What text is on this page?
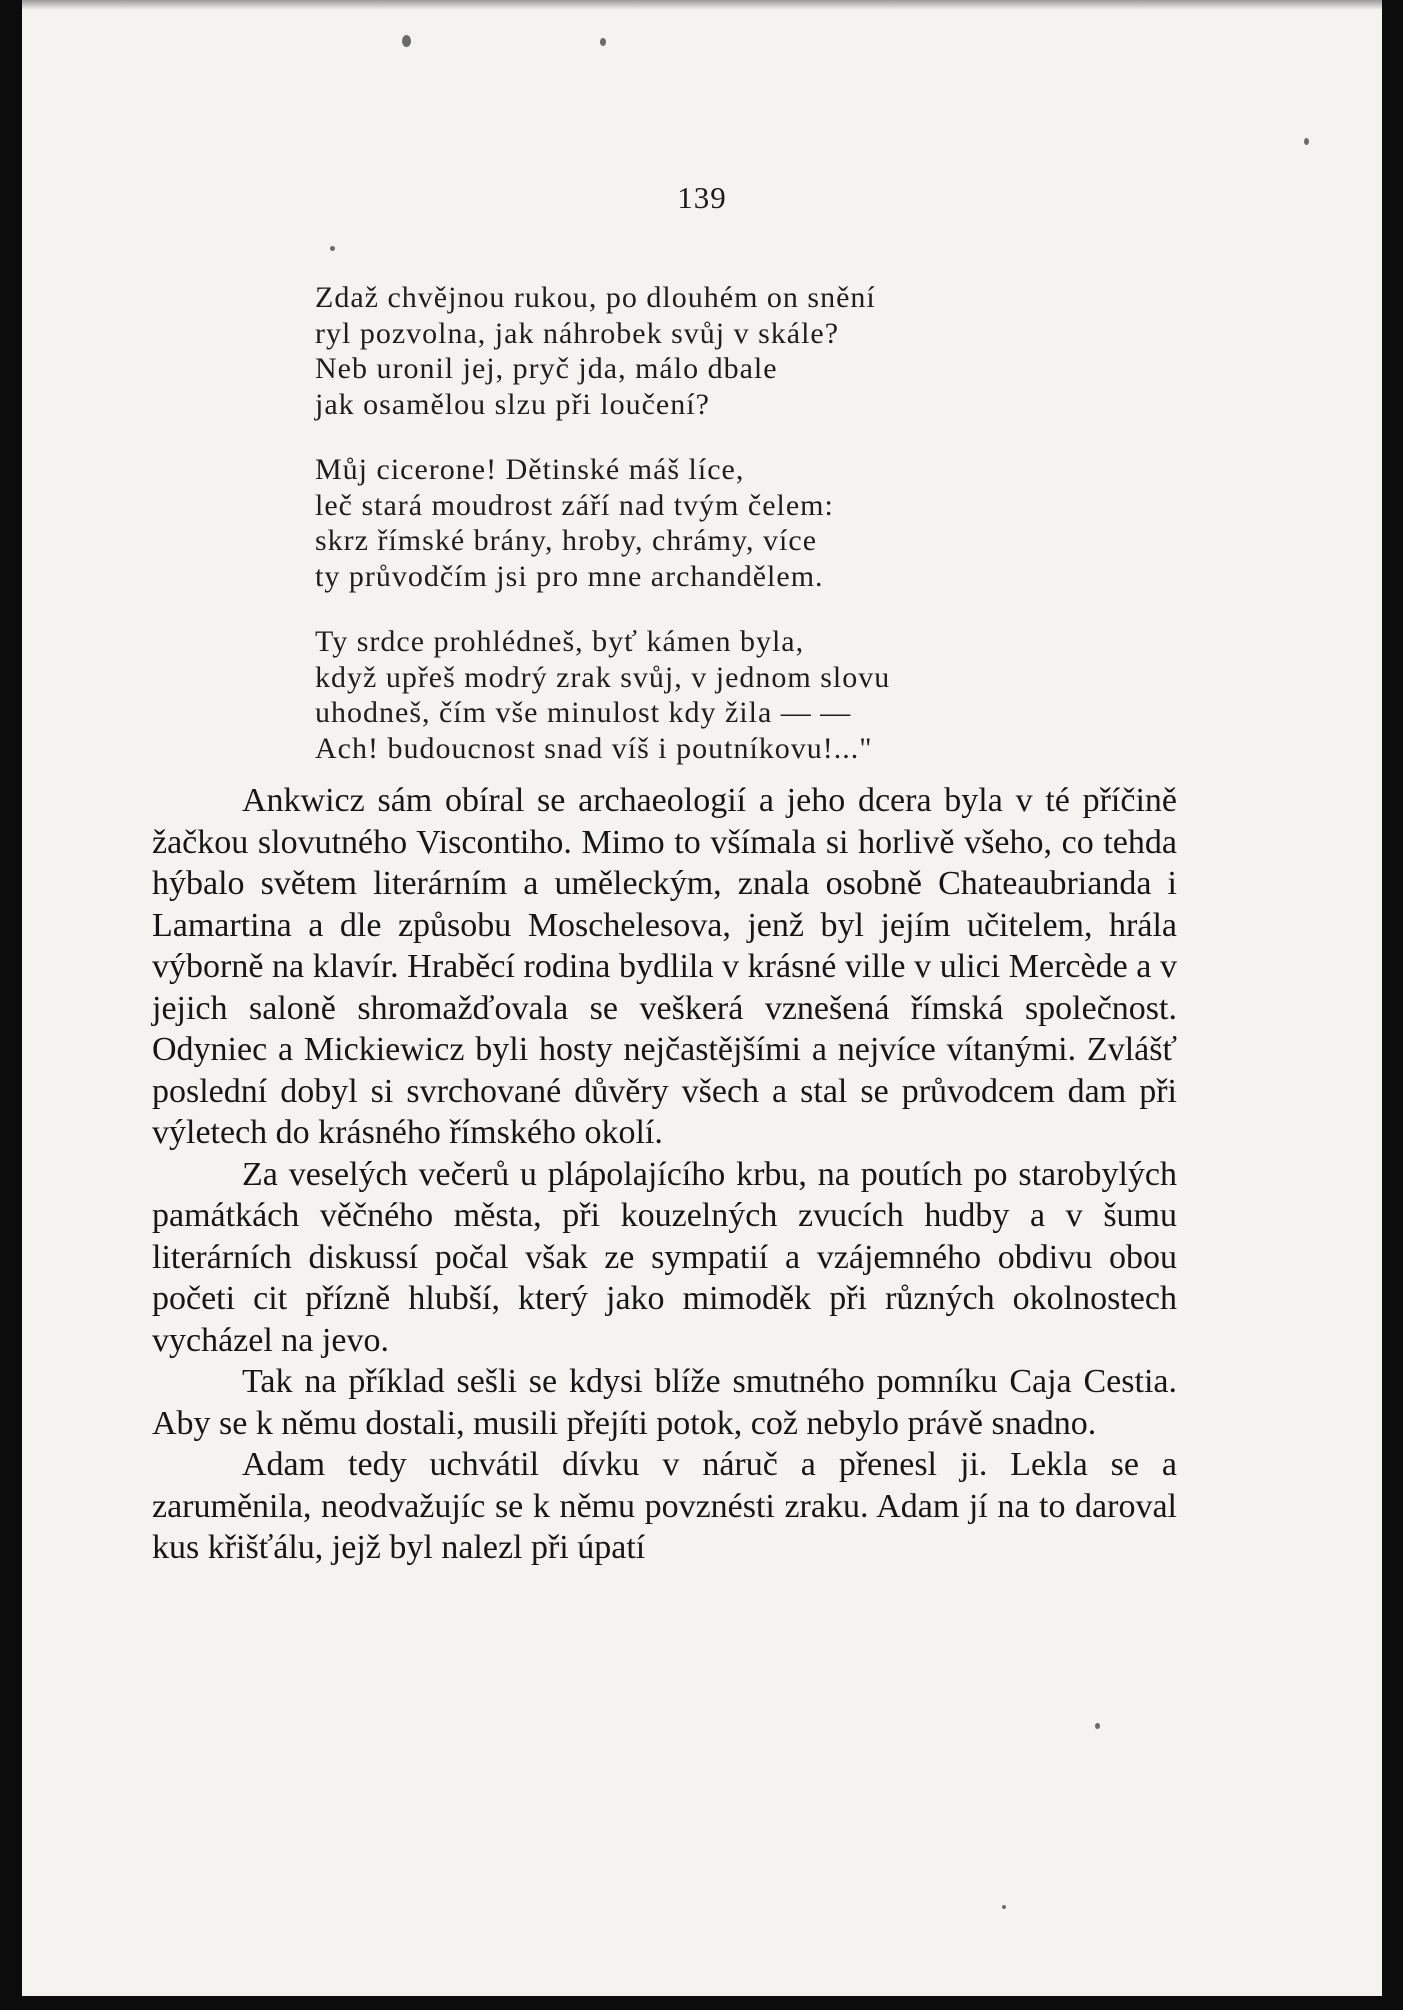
139
Zdaž chvějnou rukou, po dlouhém on snění
ryl pozvolna, jak náhrobek svůj v skále?
Neb uronil jej, pryč jda, málo dbale
jak osamělou slzu při loučení?
Můj cicerone! Dětinské máš líce,
leč stará moudrost září nad tvým čelem:
skrz římské brány, hroby, chrámy, více
ty průvodčím jsi pro mne archandělem.
Ty srdce prohlédneš, byť kámen byla,
když upřeš modrý zrak svůj, v jednom slovu
uhodneš, čím vše minulost kdy žila — —
Ach! budoucnost snad víš i poutníkovu!..."

Ankwicz sám obíral se archaeologií a jeho dcera byla v té příčině žačkou slovutného Viscontiho. Mimo to všímala si horlivě všeho, co tehda hýbalo světem literárním a uměleckým, znala osobně Chateaubrianda i Lamartina a dle způsobu Moschelesova, jenž byl jejím učitelem, hrála výborně na klavír. Hraběcí rodina bydlila v krásné ville v ulici Mercède a v jejich saloně shromažďovala se veškerá vznešená římská společnost. Odyniec a Mickiewicz byli hosty nejčastějšími a nejvíce vítanými. Zvlášť poslední dobyl si svrchované důvěry všech a stal se průvodcem dam při výletech do krásného římského okolí.

Za veselých večerů u plápolajícího krbu, na poutích po starobylých památkách věčného města, při kouzelných zvucích hudby a v šumu literárních diskussí počal však ze sympatií a vzájemného obdivu obou početi cit přízně hlubší, který jako mimoděk při různých okolnostech vycházel na jevo.

Tak na příklad sešli se kdysi blíže smutného pomníku Caja Cestia. Aby se k němu dostali, musili přejíti potok, což nebylo právě snadno.

Adam tedy uchvátil dívku v náruč a přenesl ji. Lekla se a zaruměnila, neodvažujíc se k němu povznésti zraku. Adam jí na to daroval kus křišťálu, jejž byl nalezl při úpatí
